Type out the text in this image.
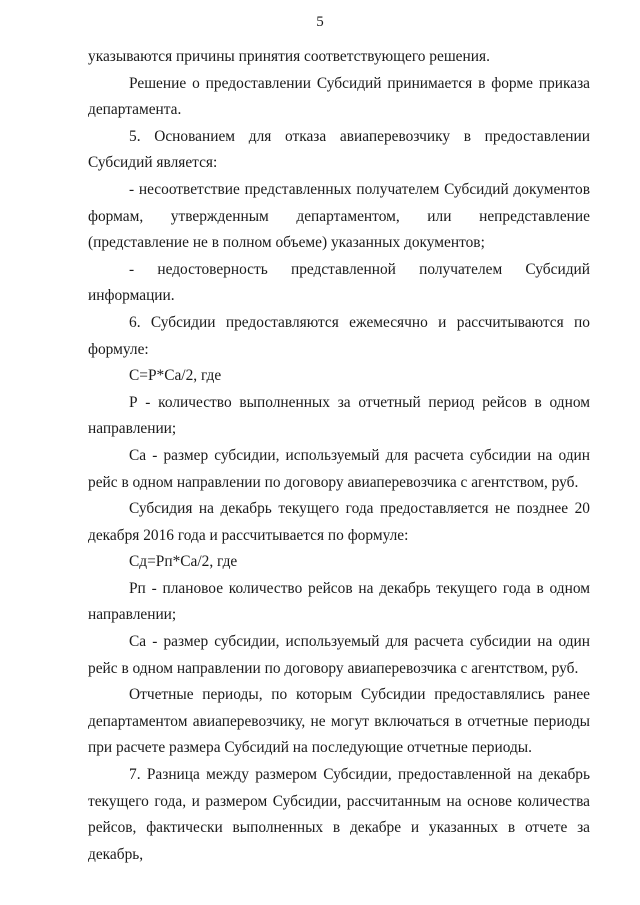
5

указываются причины принятия соответствующего решения.

Решение о предоставлении Субсидий принимается в форме приказа департамента.

5. Основанием для отказа авиаперевозчику в предоставлении Субсидий является:

- несоответствие представленных получателем Субсидий документов формам, утвержденным департаментом, или непредставление (представление не в полном объеме) указанных документов;

- недостоверность представленной получателем Субсидий информации.

6. Субсидии предоставляются ежемесячно и рассчитываются по формуле:

С=Р*Са/2, где

Р - количество выполненных за отчетный период рейсов в одном направлении;

Са - размер субсидии, используемый для расчета субсидии на один рейс в одном направлении по договору авиаперевозчика с агентством, руб.

Субсидия на декабрь текущего года предоставляется не позднее 20 декабря 2016 года и рассчитывается по формуле:

Сд=Рп*Са/2, где

Рп - плановое количество рейсов на декабрь текущего года в одном направлении;

Са - размер субсидии, используемый для расчета субсидии на один рейс в одном направлении по договору авиаперевозчика с агентством, руб.

Отчетные периоды, по которым Субсидии предоставлялись ранее департаментом авиаперевозчику, не могут включаться в отчетные периоды при расчете размера Субсидий на последующие отчетные периоды.

7. Разница между размером Субсидии, предоставленной на декабрь текущего года, и размером Субсидии, рассчитанным на основе количества рейсов, фактически выполненных в декабре и указанных в отчете за декабрь,
